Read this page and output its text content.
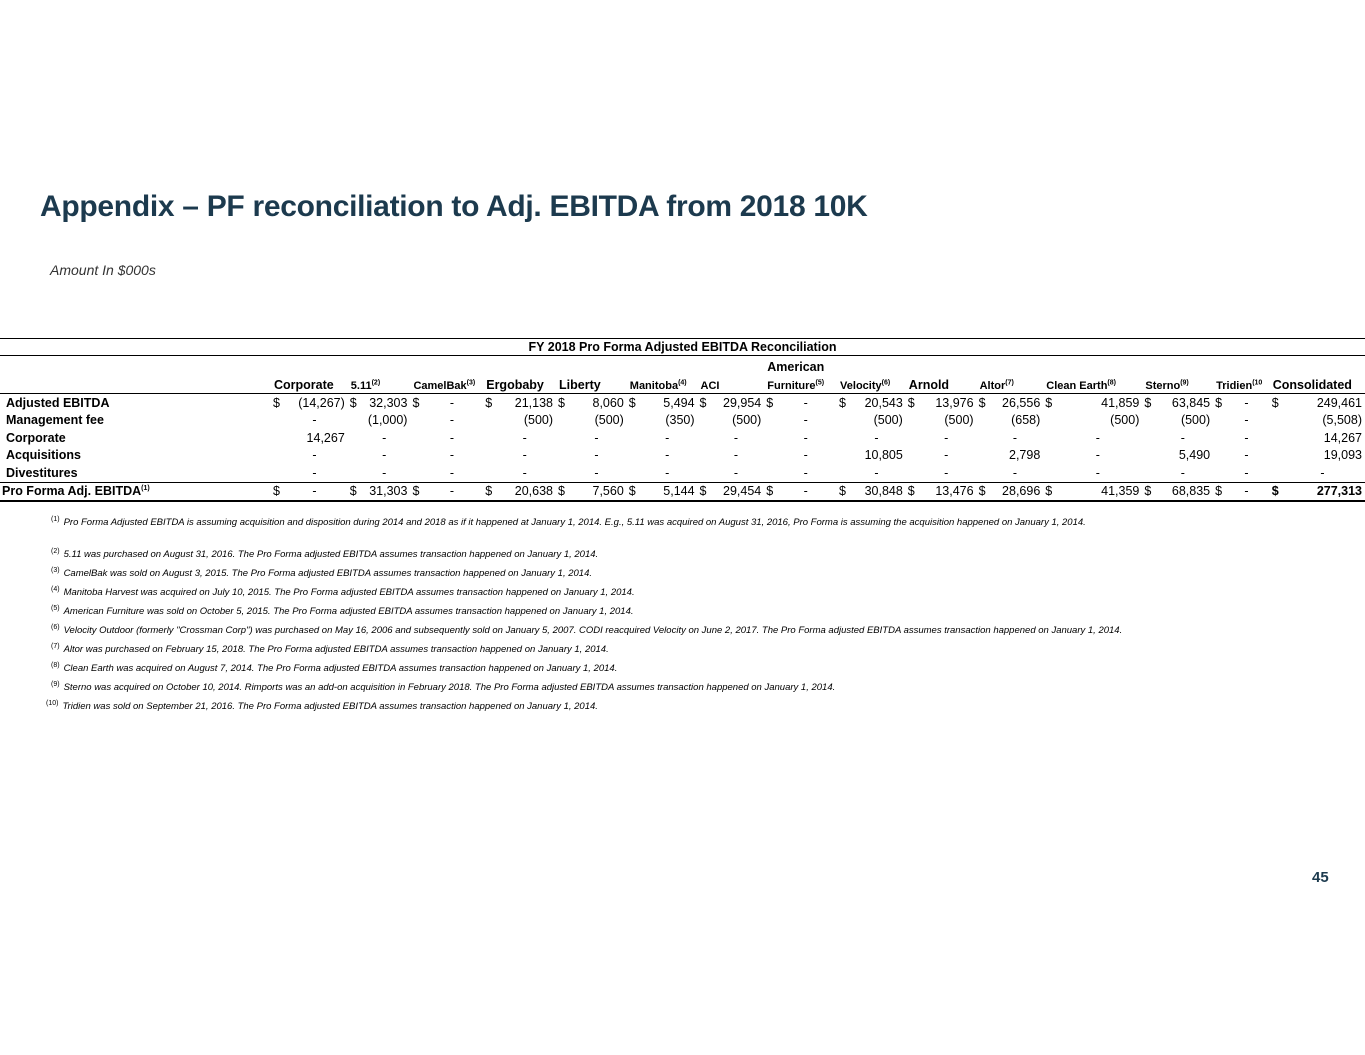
Appendix – PF reconciliation to Adj. EBITDA from 2018 10K
Amount In $000s
FY 2018 Pro Forma Adjusted EBITDA Reconciliation																														
															American															
	Corporate		5.11$^{(2)}$		CamelBak$^{(3)}$		Ergobaby		Liberty		Manitoba$^{(4)}$		ACI		Furniture$^{(5)}$		Velocity$^{(6)}$		Arnold		Altor$^{(7)}$		Clean Earth$^{(8)}$		Sterno$^{(9)}$		Tridien$^{(10}$		Consolidated	
Adjusted EBITDA	$	(14,267)	$	32,303	$	-	$	21,138	$	8,060	$	5,494	$	29,954	$	-	$	20,543	$	13,976	$	26,556	$	41,859	$	63,845	$	-	$	249,461
Management fee		-		(1,000)		-		(500)		(500)		(350)		(500)		-		(500)		(500)		(658)		(500)		(500)		-		(5,508)
Corporate		14,267		-		-		-		-		-		-		-		-		-		-		-		-		-		14,267
Acquisitions		-		-		-		-		-		-		-		-		10,805		-		2,798		-		5,490		-		19,093
Divestitures		-		-		-		-		-		-		-		-		-		-		-		-		-		-		-
Pro Forma Adj. EBITDA$^{(1)}$	$	-	$	31,303	$	-	$	20,638	$	7,560	$	5,144	$	29,454	$	-	$	30,848	$	13,476	$	28,696	$	41,359	$	68,835	$	-	$	277,313
$^{(1)}$ Pro Forma Adjusted EBITDA is assuming acquisition and disposition during 2014 and 2018 as if it happened at January 1, 2014. E.g., 5.11 was acquired on August 31, 2016, Pro Forma is assuming the acquisition happened on January 1, 2014.
$^{(2)}$ 5.11 was purchased on August 31, 2016. The Pro Forma adjusted EBITDA assumes transaction happened on January 1, 2014.
$^{(3)}$ CamelBak was sold on August 3, 2015. The Pro Forma adjusted EBITDA assumes transaction happened on January 1, 2014.
$^{(4)}$ Manitoba Harvest was acquired on July 10, 2015. The Pro Forma adjusted EBITDA assumes transaction happened on January 1, 2014.
$^{(5)}$ American Furniture was sold on October 5, 2015. The Pro Forma adjusted EBITDA assumes transaction happened on January 1, 2014.
$^{(6)}$ Velocity Outdoor (formerly "Crossman Corp") was purchased on May 16, 2006 and subsequently sold on January 5, 2007. CODI reacquired Velocity on June 2, 2017. The Pro Forma adjusted EBITDA assumes transaction happened on January 1, 2014.
$^{(7)}$ Altor was purchased on February 15, 2018. The Pro Forma adjusted EBITDA assumes transaction happened on January 1, 2014.
$^{(8)}$ Clean Earth was acquired on August 7, 2014. The Pro Forma adjusted EBITDA assumes transaction happened on January 1, 2014.
$^{(9)}$ Sterno was acquired on October 10, 2014. Rimports was an add-on acquisition in February 2018. The Pro Forma adjusted EBITDA assumes transaction happened on January 1, 2014.
$^{(10)}$ Tridien was sold on September 21, 2016. The Pro Forma adjusted EBITDA assumes transaction happened on January 1, 2014.
45
